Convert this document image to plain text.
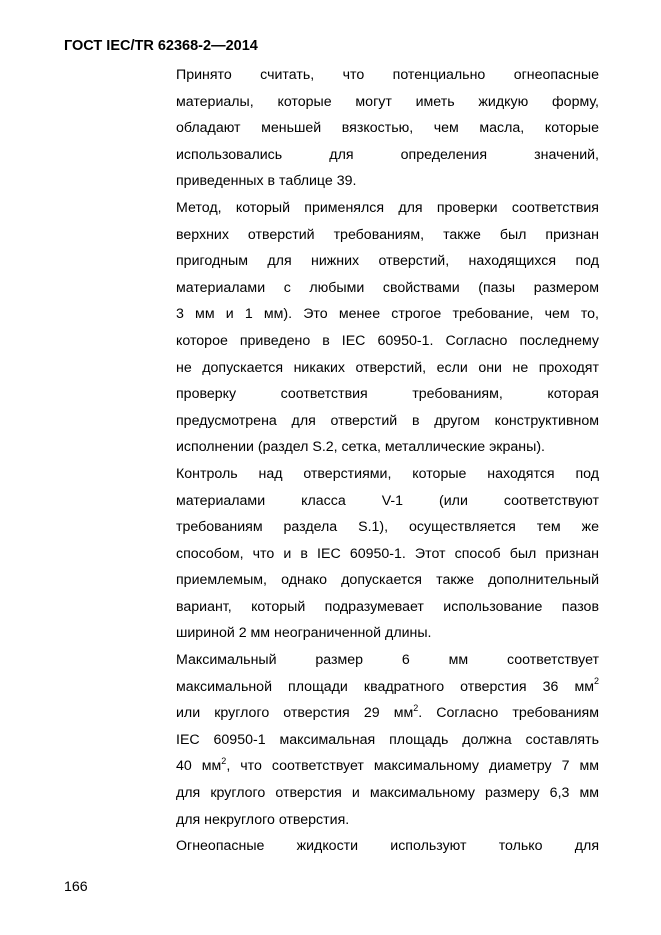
ГОСТ IEC/TR 62368-2—2014
Принято считать, что потенциально огнеопасные
материалы, которые могут иметь жидкую форму,
обладают меньшей вязкостью, чем масла, которые
использовались для определения значений,
приведенных в таблице 39.
Метод, который применялся для проверки соответствия
верхних отверстий требованиям, также был признан
пригодным для нижних отверстий, находящихся под
материалами с любыми свойствами (пазы размером
3 мм и 1 мм). Это менее строгое требование, чем то,
которое приведено в IEC 60950-1. Согласно последнему
не допускается никаких отверстий, если они не проходят
проверку соответствия требованиям, которая
предусмотрена для отверстий в другом конструктивном
исполнении (раздел S.2, сетка, металлические экраны).
Контроль над отверстиями, которые находятся под
материалами класса V-1 (или соответствуют
требованиям раздела S.1), осуществляется тем же
способом, что и в IEC 60950-1. Этот способ был признан
приемлемым, однако допускается также дополнительный
вариант, который подразумевает использование пазов
шириной 2 мм неограниченной длины.
Максимальный размер 6 мм соответствует
максимальной площади квадратного отверстия 36 $мм^2$
или круглого отверстия 29 $мм^2$. Согласно требованиям
IEC 60950-1 максимальная площадь должна составлять
40 $мм^2$, что соответствует максимальному диаметру 7 мм
для круглого отверстия и максимальному размеру 6,3 мм
для некруглого отверстия.
Огнеопасные жидкости используют только для
166
